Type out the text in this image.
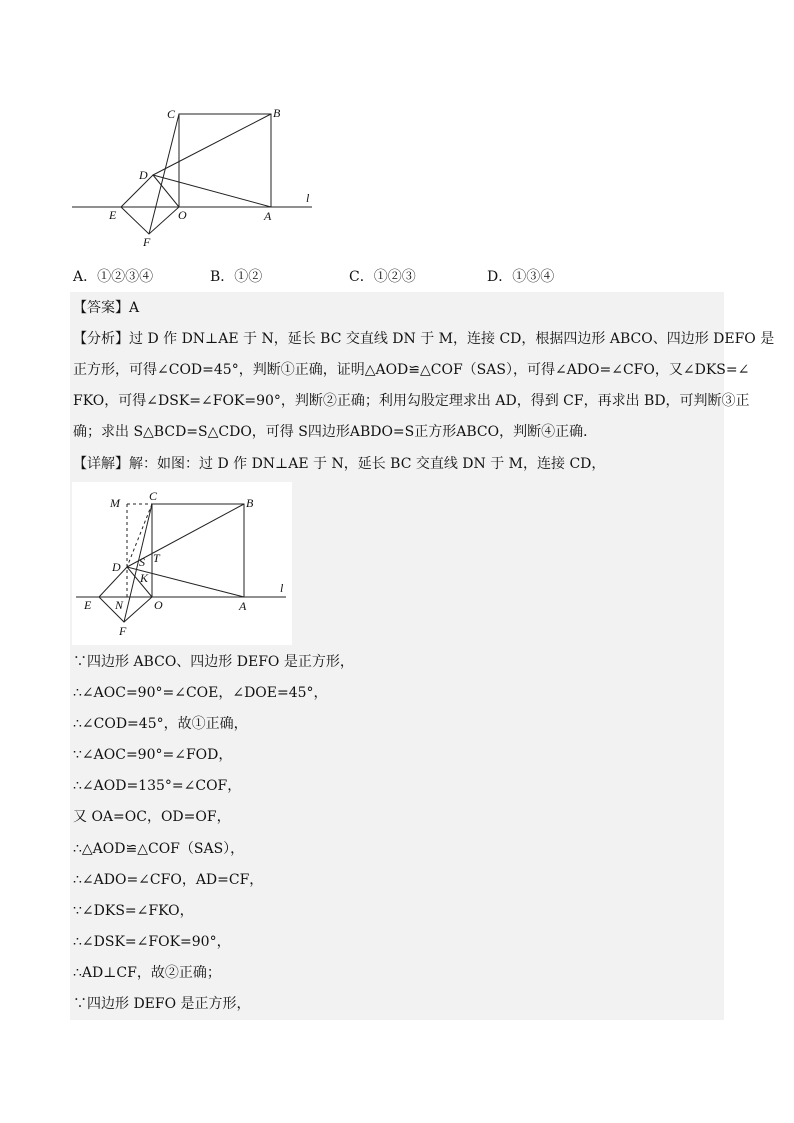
C	B
D
l
E	O	A
F
A．①②③④	B．①②	C．①②③	D．①③④
【答案】A
【分析】过 D 作 DN⊥AE 于 N，延长 BC 交直线 DN 于 M，连接 CD，根据四边形 ABCO、四边形 DEFO 是
正方形，可得∠COD=45°，判断①正确，证明△AOD≌△COF（SAS），可得∠ADO=∠CFO，又∠DKS=∠
FKO，可得∠DSK=∠FOK=90°，判断②正确；利用勾股定理求出 AD，得到 CF，再求出 BD，可判断③正
确；求出 S△BCD=S△CDO，可得 S四边形ABDO=S正方形ABCO，判断④正确．
【详解】解：如图：过 D 作 DN⊥AE 于 N，延长 BC 交直线 DN 于 M，连接 CD，
M C	B
T
S
D
K
l
E N	O	A
F
∵四边形 ABCO、四边形 DEFO 是正方形，
∴∠AOC=90°=∠COE，∠DOE=45°，
∴∠COD=45°，故①正确，
∵∠AOC=90°=∠FOD，
∴∠AOD=135°=∠COF，
又 OA=OC，OD=OF，
∴△AOD≌△COF（SAS），
∴∠ADO=∠CFO，AD=CF，
∵∠DKS=∠FKO，
∴∠DSK=∠FOK=90°，
∴AD⊥CF，故②正确；
∵四边形 DEFO 是正方形，
